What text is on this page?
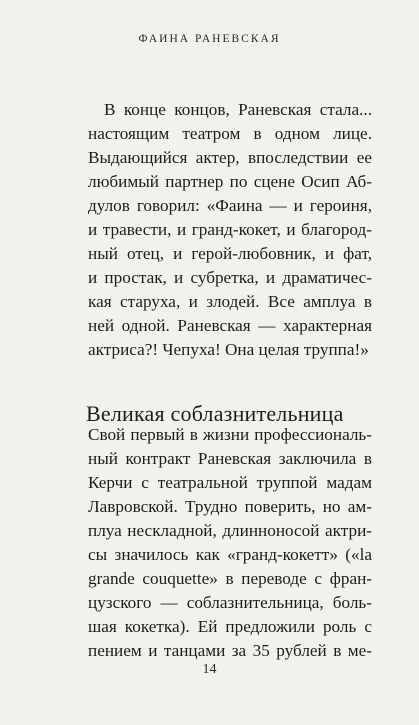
ФАИНА РАНЕВСКАЯ
В конце концов, Раневская стала...
настоящим театром в одном лице.
Выдающийся актер, впоследствии ее
любимый партнер по сцене Осип Аб-
дулов говорил: «Фаина — и героиня,
и травести, и гранд-кокет, и благород-
ный отец, и герой-любовник, и фат,
и простак, и субретка, и драматичес-
кая старуха, и злодей. Все амплуа в
ней одной. Раневская — характерная
актриса?! Чепуха! Она целая труппа!»
Великая соблазнительница
Свой первый в жизни профессиональ-
ный контракт Раневская заключила в
Керчи с театральной труппой мадам
Лавровской. Трудно поверить, но ам-
плуа нескладной, длинноносой актри-
сы значилось как «гранд-кокетт» («la
grande couquette» в переводе с фран-
цузского — соблазнительница, боль-
шая кокетка). Ей предложили роль с
пением и танцами за 35 рублей в ме-
14
